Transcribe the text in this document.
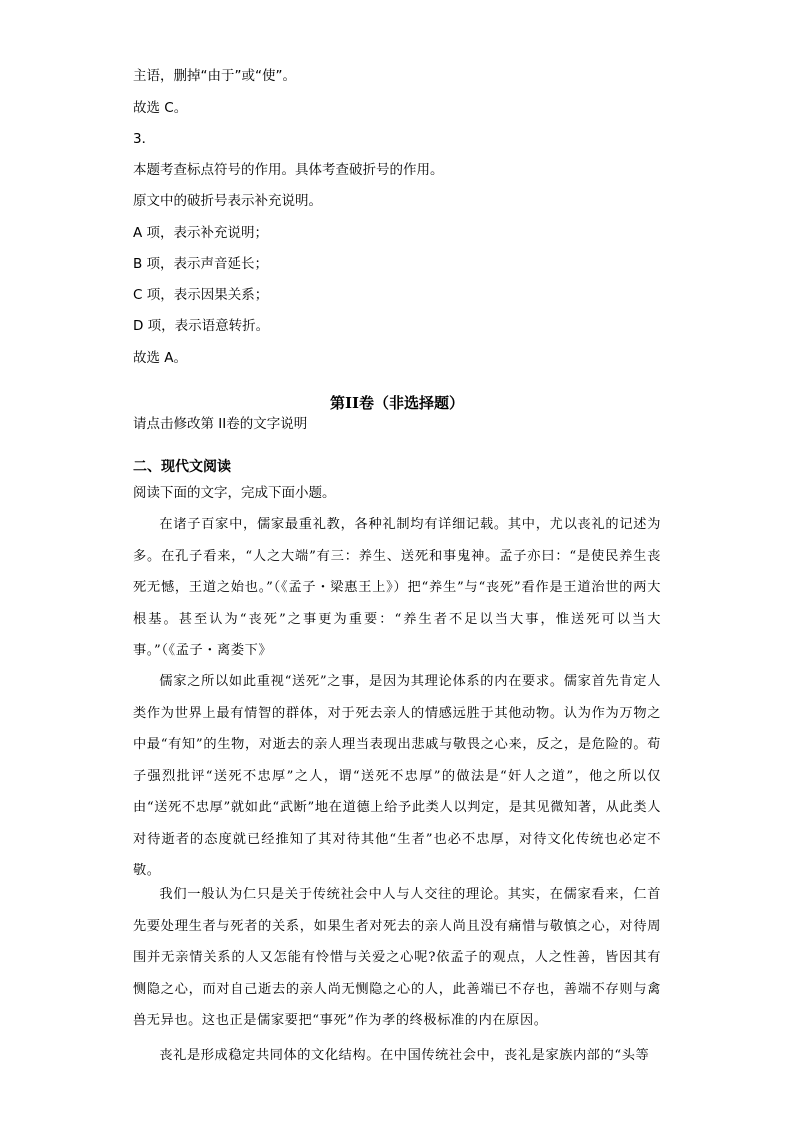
主语，删掉“由于”或“使”。
故选 C。
3．
本题考查标点符号的作用。具体考查破折号的作用。
原文中的破折号表示补充说明。
A 项，表示补充说明；
B 项，表示声音延长；
C 项，表示因果关系；
D 项，表示语意转折。
故选 A。
第II卷（非选择题）
请点击修改第 II卷的文字说明
二、现代文阅读
阅读下面的文字，完成下面小题。

在诸子百家中，儒家最重礼教，各种礼制均有详细记载。其中，尤以丧礼的记述为多。在孔子看来，“人之大端”有三：养生、送死和事鬼神。孟子亦曰：“是使民养生丧死无憾，王道之始也。”（《孟子・梁惠王上》）把“养生”与“丧死”看作是王道治世的两大根基。甚至认为“丧死”之事更为重要：“养生者不足以当大事，惟送死可以当大事。”（《孟子・离娄下》

儒家之所以如此重视“送死”之事，是因为其理论体系的内在要求。儒家首先肯定人类作为世界上最有情智的群体，对于死去亲人的情感远胜于其他动物。认为作为万物之中最“有知”的生物，对逝去的亲人理当表现出悲戚与敬畏之心来，反之，是危险的。荀子强烈批评“送死不忠厚”之人，谓“送死不忠厚”的做法是“奸人之道”，他之所以仅由“送死不忠厚”就如此“武断”地在道德上给予此类人以判定，是其见微知著，从此类人对待逝者的态度就已经推知了其对待其他“生者”也必不忠厚，对待文化传统也必定不敬。

我们一般认为仁只是关于传统社会中人与人交往的理论。其实，在儒家看来，仁首先要处理生者与死者的关系，如果生者对死去的亲人尚且没有痛惜与敬慎之心，对待周围并无亲情关系的人又怎能有怜惜与关爱之心呢?依孟子的观点，人之性善，皆因其有恻隐之心，而对自己逝去的亲人尚无恻隐之心的人，此善端已不存也，善端不存则与禽兽无异也。这也正是儒家要把“事死”作为孝的终极标准的内在原因。

丧礼是形成稳定共同体的文化结构。在中国传统社会中，丧礼是家族内部的“头等
